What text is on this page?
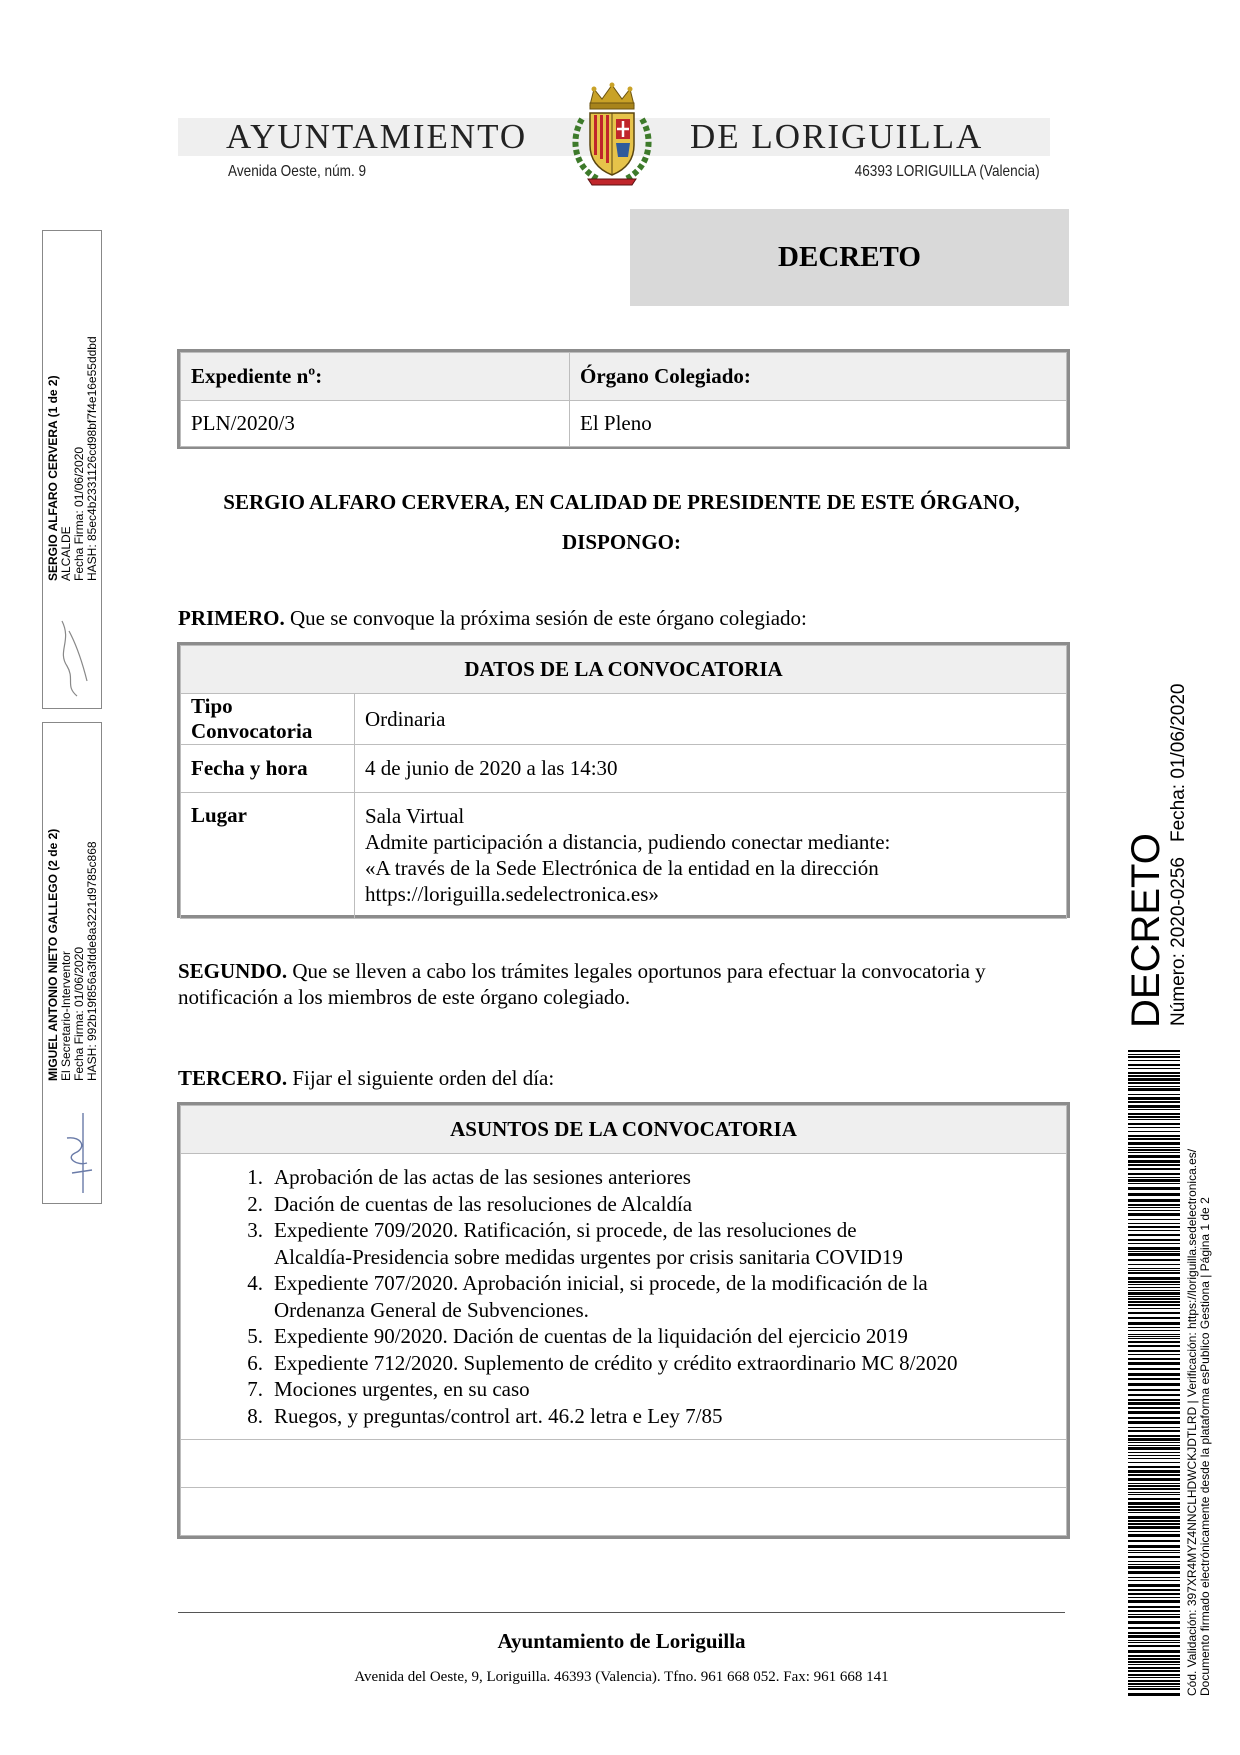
AYUNTAMIENTO	DE LORIGUILLA
Avenida Oeste, núm. 9	46393 LORIGUILLA (Valencia)
DECRETO
Expediente nº:	Órgano Colegiado:
PLN/2020/3	El Pleno
SERGIO ALFARO CERVERA, EN CALIDAD DE PRESIDENTE DE ESTE ÓRGANO,
DISPONGO:
PRIMERO. Que se convoque la próxima sesión de este órgano colegiado:
DATOS DE LA CONVOCATORIA	
Tipo Convocatoria	Ordinaria
Fecha y hora	4 de junio de 2020 a las 14:30
Lugar	Sala Virtual
Admite participación a distancia, pudiendo conectar mediante:
«A través de la Sede Electrónica de la entidad en la dirección
https://loriguilla.sedelectronica.es»
SEGUNDO. Que se lleven a cabo los trámites legales oportunos para efectuar la convocatoria y
notificación a los miembros de este órgano colegiado.
TERCERO. Fijar el siguiente orden del día:
ASUNTOS DE LA CONVOCATORIA

1. Aprobación de las actas de las sesiones anteriores
2. Dación de cuentas de las resoluciones de Alcaldía
3. Expediente 709/2020. Ratificación, si procede, de las resoluciones de
Alcaldía-Presidencia sobre medidas urgentes por crisis sanitaria COVID19
4. Expediente 707/2020. Aprobación inicial, si procede, de la modificación de la
Ordenanza General de Subvenciones.
5. Expediente 90/2020. Dación de cuentas de la liquidación del ejercicio 2019
6. Expediente 712/2020. Suplemento de crédito y crédito extraordinario MC 8/2020
7. Mociones urgentes, en su caso
8. Ruegos, y preguntas/control art. 46.2 letra e Ley 7/85

Ayuntamiento de Loriguilla
Avenida del Oeste, 9, Loriguilla. 46393 (Valencia). Tfno. 961 668 052. Fax: 961 668 141
SERGIO ALFARO CERVERA (1 de 2) ALCALDE Fecha Firma: 01/06/2020 HASH: 85ec4b2331126cd98bf7f4e16e55ddbd
MIGUEL ANTONIO NIETO GALLEGO (2 de 2) El Secretario-Interventor Fecha Firma: 01/06/2020 HASH: 992b19f856a3fdde8a3221d9785c868	DECRETO Número: 2020-0256
Fecha: 01/06/2020
Cód. Validación: 397XR4MYZ4NNCLHDWCKJDTLRD | Verificación: https://loriguilla.sedelectronica.es/ Documento firmado electrónicamente desde la plataforma esPublico Gestiona | Página 1 de 2
